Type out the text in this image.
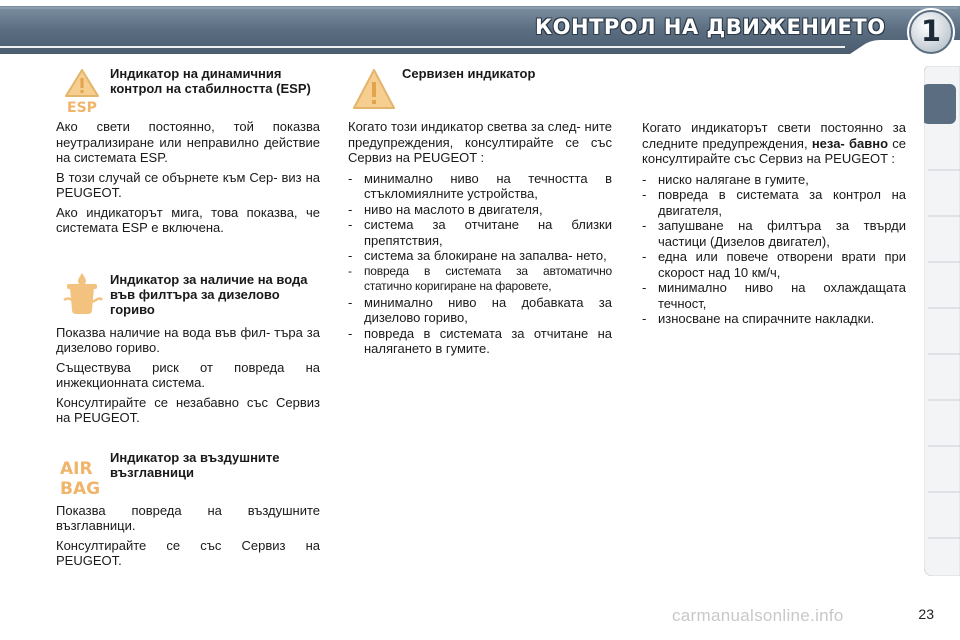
КОНТРОЛ НА ДВИЖЕНИЕТО 1
ESP
Индикатор на динамичния контрол на стабилността (ESP)

Ако свети постоянно, той показва неутрализиране или неправилно действие на системата ESP.

В този случай се обърнете към Сер- виз на PEUGEOT.

Ако индикаторът мига, това показва, че системата ESP е включена.

Индикатор за наличие на вода във филтъра за дизелово гориво

Показва наличие на вода във фил- търа за дизелово гориво.

Съществува риск от повреда на инжекционната система.

Консултирайте се незабавно със Сервиз на PEUGEOT.

AIR
BAG
Индикатор за въздушните възглавници

Показва повреда на въздушните възглавници.

Консултирайте се със Сервиз на PEUGEOT.

Сервизен индикатор

Когато този индикатор светва за след- ните предупреждения, консултирайте се със Сервиз на PEUGEOT :

- минимално ниво на течността в стъкломиялните устройства,
- ниво на маслото в двигателя,
- система за отчитане на близки препятствия,
- система за блокиране на запалва- нето,
- повреда в системата за автоматично статично коригиране на фаровете,
- минимално ниво на добавката за дизелово гориво,
- повреда в системата за отчитане на налягането в гумите.

Когато индикаторът свети постоянно за следните предупреждения, неза- бавно се консултирайте със Сервиз на PEUGEOT :

- ниско налягане в гумите,
- повреда в системата за контрол на двигателя,
- запушване на филтъра за твърди частици (Дизелов двигател),
- една или повече отворени врати при скорост над 10 км/ч,
- минимално ниво на охлаждащата течност,
- износване на спирачните накладки.
carmanualsonline.info	23
